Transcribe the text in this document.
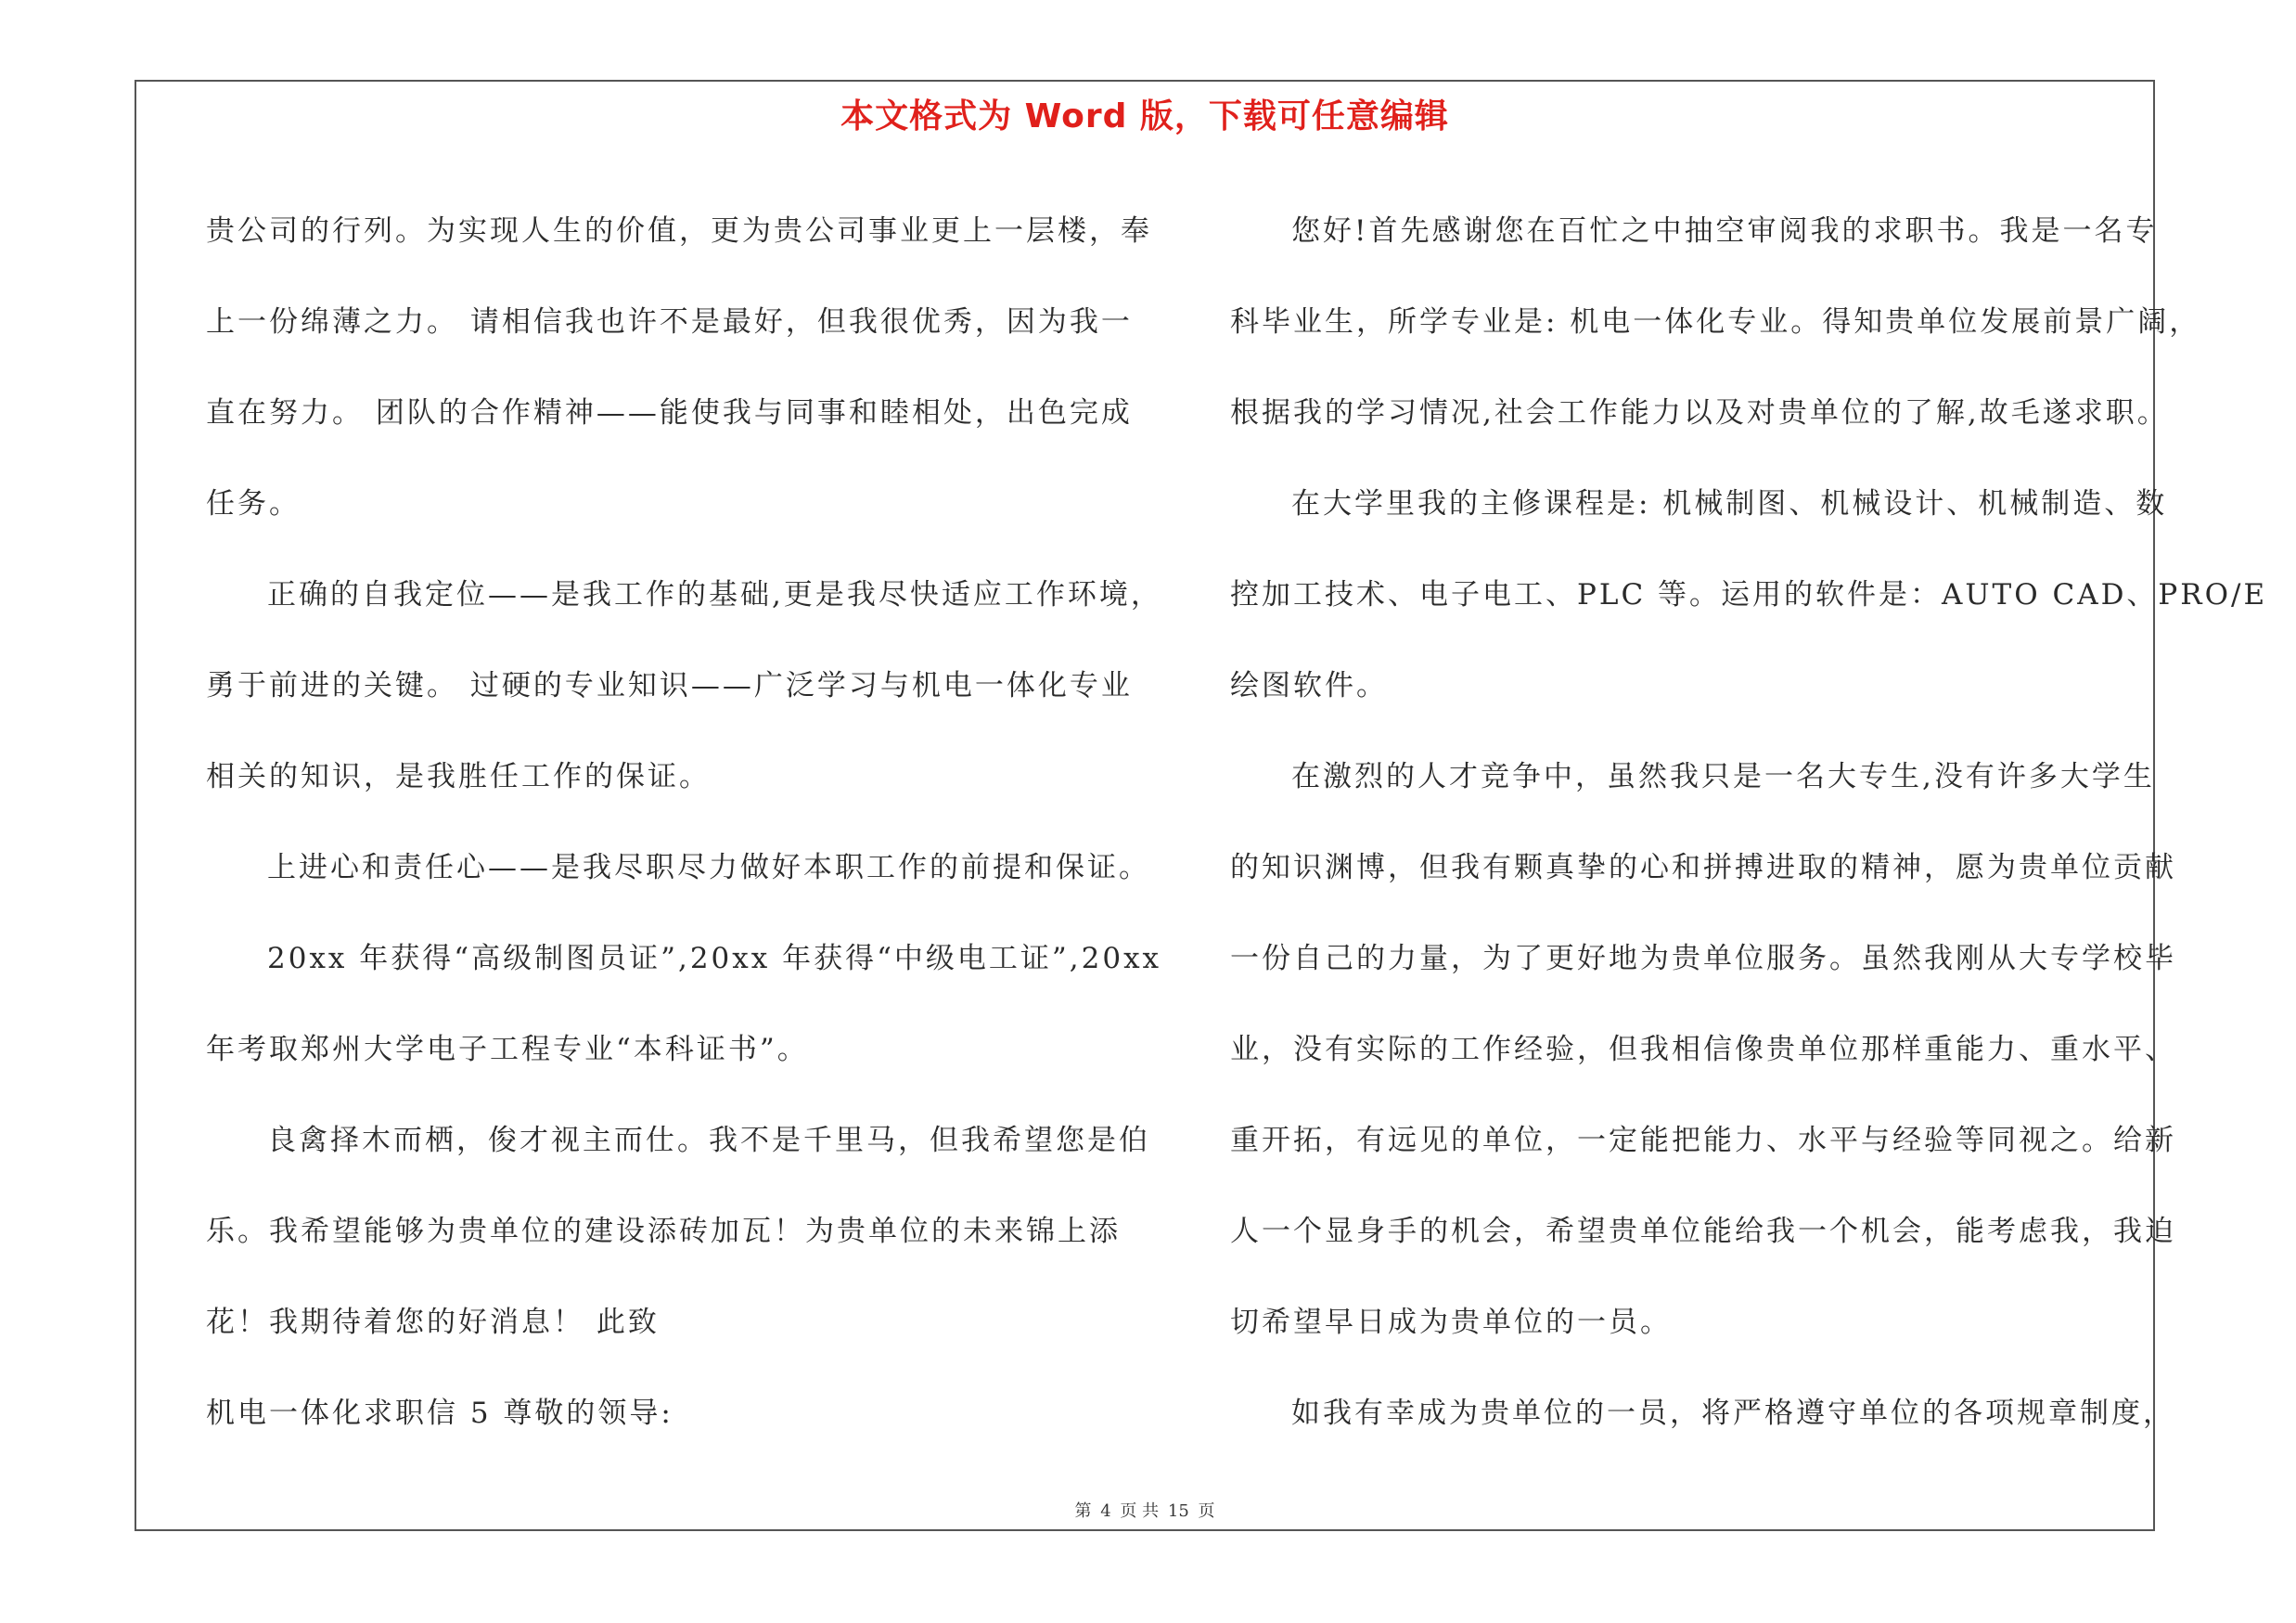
本文格式为 Word 版，下载可任意编辑

贵公司的行列。为实现人生的价值，更为贵公司事业更上一层楼，奉

上一份绵薄之力。 请相信我也许不是最好，但我很优秀，因为我一

直在努力。 团队的合作精神——能使我与同事和睦相处，出色完成

任务。

正确的自我定位——是我工作的基础,更是我尽快适应工作环境，

勇于前进的关键。 过硬的专业知识——广泛学习与机电一体化专业

相关的知识，是我胜任工作的保证。

上进心和责任心——是我尽职尽力做好本职工作的前提和保证。

20xx 年获得“高级制图员证”,20xx 年获得“中级电工证”,20xx

年考取郑州大学电子工程专业“本科证书”。

良禽择木而栖，俊才视主而仕。我不是千里马，但我希望您是伯

乐。我希望能够为贵单位的建设添砖加瓦！为贵单位的未来锦上添

花！我期待着您的好消息！ 此致

机电一体化求职信 5 尊敬的领导:

您好!首先感谢您在百忙之中抽空审阅我的求职书。我是一名专

科毕业生，所学专业是: 机电一体化专业。得知贵单位发展前景广阔，

根据我的学习情况,社会工作能力以及对贵单位的了解,故毛遂求职。

在大学里我的主修课程是: 机械制图、机械设计、机械制造、数

控加工技术、电子电工、PLC 等。运用的软件是：AUTO CAD、PRO/E

绘图软件。

在激烈的人才竞争中，虽然我只是一名大专生,没有许多大学生

的知识渊博，但我有颗真挚的心和拼搏进取的精神，愿为贵单位贡献

一份自己的力量，为了更好地为贵单位服务。虽然我刚从大专学校毕

业，没有实际的工作经验，但我相信像贵单位那样重能力、重水平、

重开拓，有远见的单位，一定能把能力、水平与经验等同视之。给新

人一个显身手的机会，希望贵单位能给我一个机会，能考虑我，我迫

切希望早日成为贵单位的一员。

如我有幸成为贵单位的一员，将严格遵守单位的各项规章制度，

第 4 页 共 15 页
